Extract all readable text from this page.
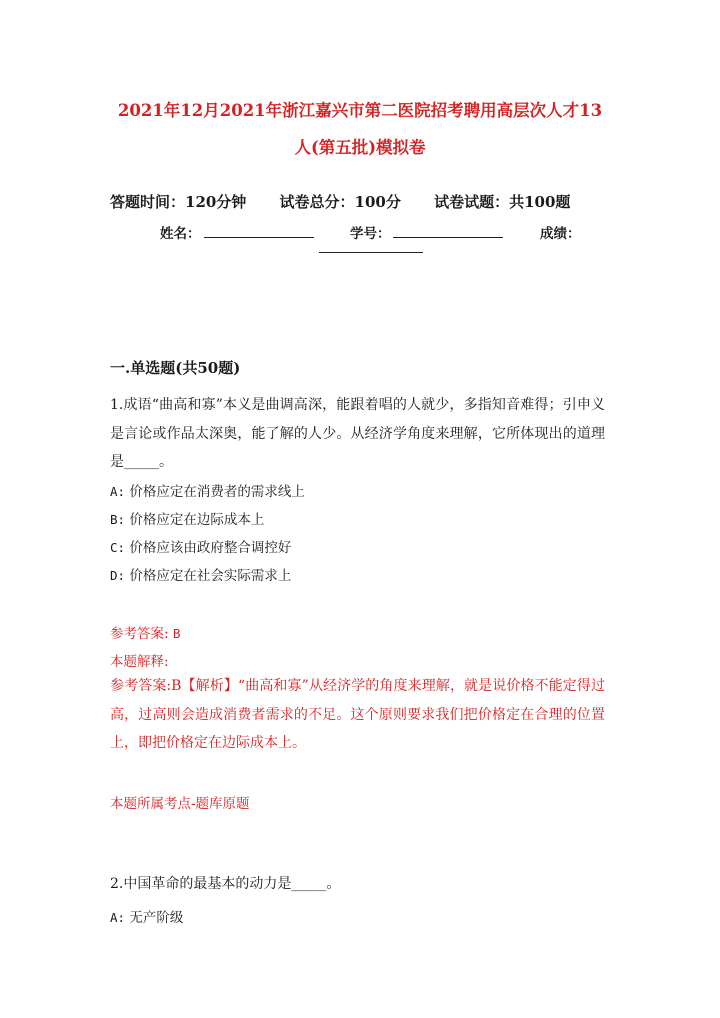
2021年12月2021年浙江嘉兴市第二医院招考聘用高层次人才13
人(第五批)模拟卷
答题时间：120分钟 试卷总分：100分 试卷试题：共100题
姓名：	学号：	成绩：
一.单选题(共50题)
1.成语“曲高和寡”本义是曲调高深，能跟着唱的人就少，多指知音难得；引申义是言论或作品太深奥，能了解的人少。从经济学角度来理解，它所体现出的道理是_____。
A: 价格应定在消费者的需求线上
B: 价格应定在边际成本上
C: 价格应该由政府整合调控好
D: 价格应定在社会实际需求上
参考答案: B
本题解释:
参考答案:B【解析】“曲高和寡”从经济学的角度来理解，就是说价格不能定得过高，过高则会造成消费者需求的不足。这个原则要求我们把价格定在合理的位置上，即把价格定在边际成本上。
本题所属考点-题库原题
2.中国革命的最基本的动力是_____。
A: 无产阶级
